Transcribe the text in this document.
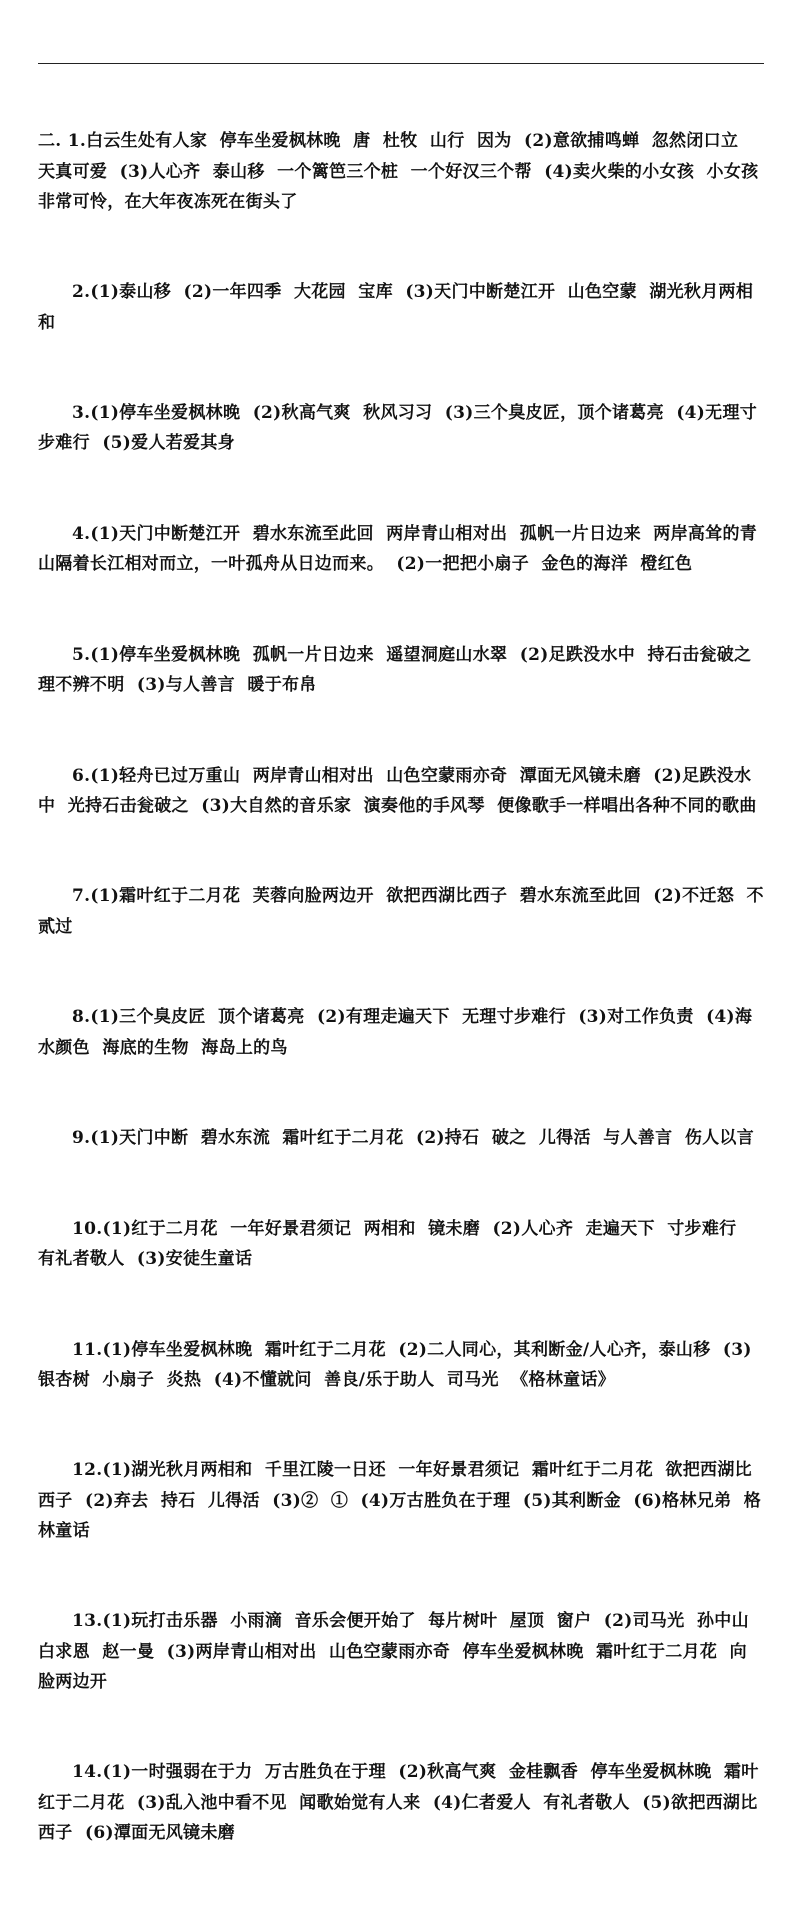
二. 1.白云生处有人家  停车坐爱枫林晚  唐  杜牧  山行  因为  (2)意欲捕鸣蝉  忽然闭口立  天真可爱  (3)人心齐  泰山移  一个篱笆三个桩  一个好汉三个帮  (4)卖火柴的小女孩  小女孩非常可怜，在大年夜冻死在街头了

2.(1)泰山移  (2)一年四季  大花园  宝库  (3)天门中断楚江开  山色空蒙  湖光秋月两相和

3.(1)停车坐爱枫林晚  (2)秋高气爽  秋风习习  (3)三个臭皮匠，顶个诸葛亮  (4)无理寸步难行  (5)爱人若爱其身

4.(1)天门中断楚江开  碧水东流至此回  两岸青山相对出  孤帆一片日边来  两岸高耸的青山隔着长江相对而立，一叶孤舟从日边而来。  (2)一把把小扇子  金色的海洋  橙红色

5.(1)停车坐爱枫林晚  孤帆一片日边来  遥望洞庭山水翠  (2)足跌没水中  持石击瓮破之  理不辨不明  (3)与人善言  暖于布帛

6.(1)轻舟已过万重山  两岸青山相对出  山色空蒙雨亦奇  潭面无风镜未磨  (2)足跌没水中  光持石击瓮破之  (3)大自然的音乐家  演奏他的手风琴  便像歌手一样唱出各种不同的歌曲

7.(1)霜叶红于二月花  芙蓉向脸两边开  欲把西湖比西子  碧水东流至此回  (2)不迁怒  不贰过

8.(1)三个臭皮匠  顶个诸葛亮  (2)有理走遍天下  无理寸步难行  (3)对工作负责  (4)海水颜色  海底的生物  海岛上的鸟

9.(1)天门中断  碧水东流  霜叶红于二月花  (2)持石  破之  儿得活  与人善言  伤人以言

10.(1)红于二月花  一年好景君须记  两相和  镜未磨  (2)人心齐  走遍天下  寸步难行  有礼者敬人  (3)安徒生童话

11.(1)停车坐爱枫林晚  霜叶红于二月花  (2)二人同心，其利断金/人心齐，泰山移  (3)银杏树  小扇子  炎热  (4)不懂就问  善良/乐于助人  司马光  《格林童话》

12.(1)湖光秋月两相和  千里江陵一日还  一年好景君须记  霜叶红于二月花  欲把西湖比西子  (2)弃去  持石  儿得活  (3)②  ①  (4)万古胜负在于理  (5)其利断金  (6)格林兄弟  格林童话

13.(1)玩打击乐器  小雨滴  音乐会便开始了  每片树叶  屋顶  窗户  (2)司马光  孙中山  白求恩  赵一曼  (3)两岸青山相对出  山色空蒙雨亦奇  停车坐爱枫林晚  霜叶红于二月花  向脸两边开

14.(1)一时强弱在于力  万古胜负在于理  (2)秋高气爽  金桂飘香  停车坐爱枫林晚  霜叶红于二月花  (3)乱入池中看不见  闻歌始觉有人来  (4)仁者爱人  有礼者敬人  (5)欲把西湖比西子  (6)潭面无风镜未磨
